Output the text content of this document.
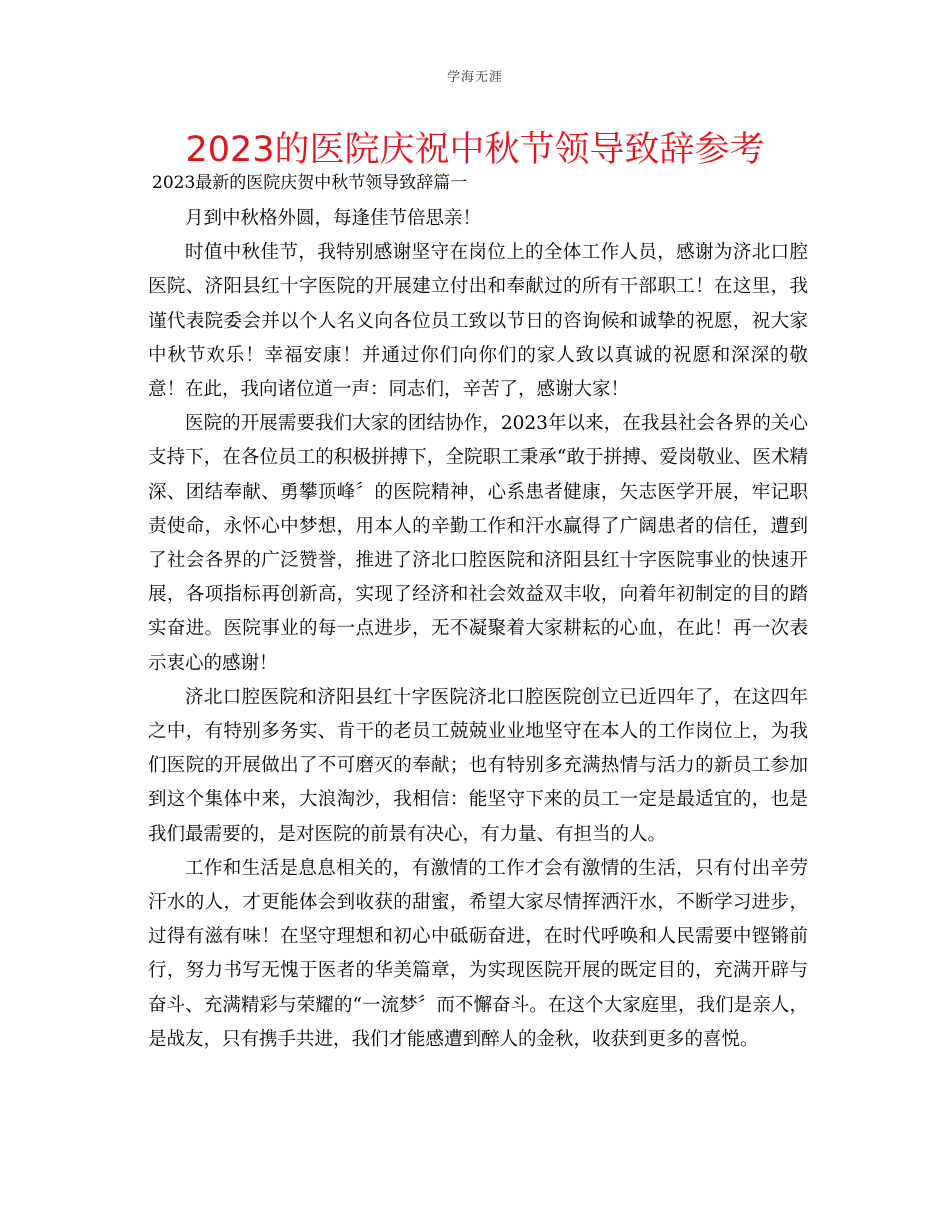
学海无涯
2023的医院庆祝中秋节领导致辞参考

2023最新的医院庆贺中秋节领导致辞篇一

月到中秋格外圆，每逢佳节倍思亲！

时值中秋佳节，我特别感谢坚守在岗位上的全体工作人员，感谢为济北口腔医院、济阳县红十字医院的开展建立付出和奉献过的所有干部职工！在这里，我谨代表院委会并以个人名义向各位员工致以节日的咨询候和诚挚的祝愿，祝大家中秋节欢乐！幸福安康！并通过你们向你们的家人致以真诚的祝愿和深深的敬意！在此，我向诸位道一声：同志们，辛苦了，感谢大家！

医院的开展需要我们大家的团结协作，2023年以来，在我县社会各界的关心支持下，在各位员工的积极拼搏下，全院职工秉承“敢于拼搏、爱岗敬业、医术精深、团结奉献、勇攀顶峰〞的医院精神，心系患者健康，矢志医学开展，牢记职责使命，永怀心中梦想，用本人的辛勤工作和汗水赢得了广阔患者的信任，遭到了社会各界的广泛赞誉，推进了济北口腔医院和济阳县红十字医院事业的快速开展，各项指标再创新高，实现了经济和社会效益双丰收，向着年初制定的目的踏实奋进。医院事业的每一点进步，无不凝聚着大家耕耘的心血，在此！再一次表示衷心的感谢！

济北口腔医院和济阳县红十字医院济北口腔医院创立已近四年了，在这四年之中，有特别多务实、肯干的老员工兢兢业业地坚守在本人的工作岗位上，为我们医院的开展做出了不可磨灭的奉献；也有特别多充满热情与活力的新员工参加到这个集体中来，大浪淘沙，我相信：能坚守下来的员工一定是最适宜的，也是我们最需要的，是对医院的前景有决心，有力量、有担当的人。

工作和生活是息息相关的，有激情的工作才会有激情的生活，只有付出辛劳汗水的人，才更能体会到收获的甜蜜，希望大家尽情挥洒汗水，不断学习进步，过得有滋有味！在坚守理想和初心中砥砺奋进，在时代呼唤和人民需要中铿锵前行，努力书写无愧于医者的华美篇章，为实现医院开展的既定目的，充满开辟与奋斗、充满精彩与荣耀的“一流梦〞而不懈奋斗。在这个大家庭里，我们是亲人，是战友，只有携手共进，我们才能感遭到醉人的金秋，收获到更多的喜悦。
